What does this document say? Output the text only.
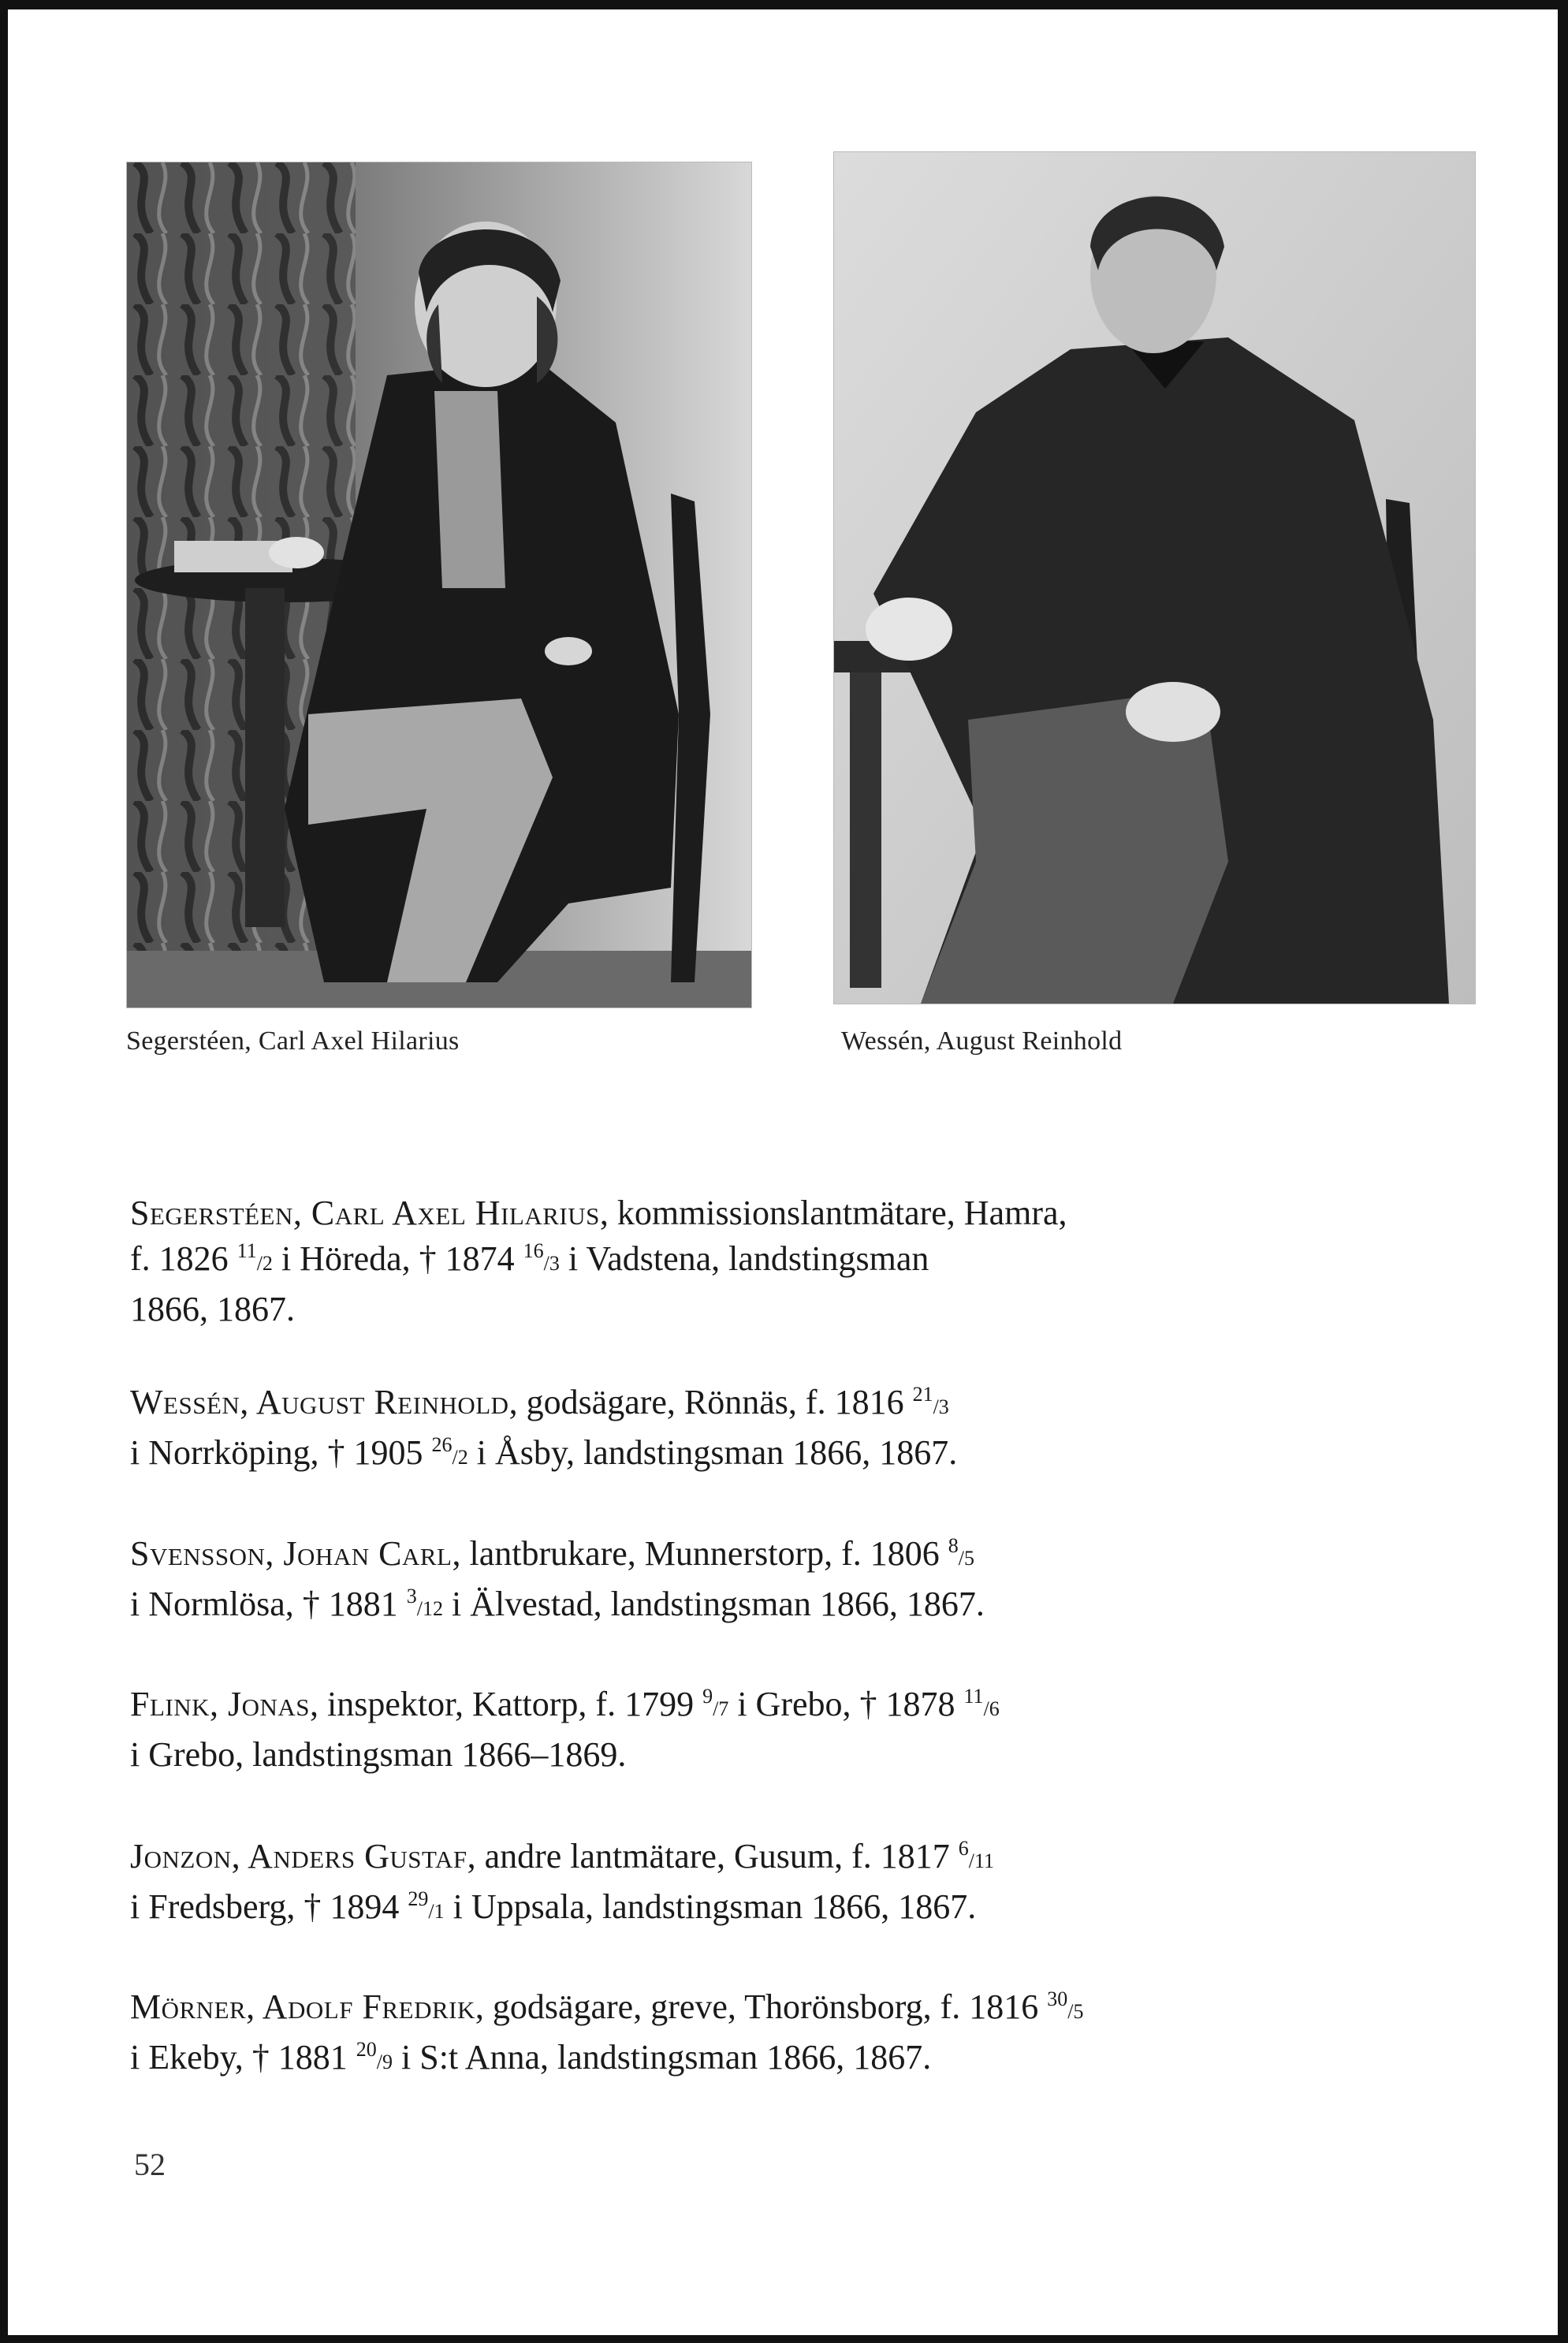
Segerstéen, Carl Axel Hilarius	Wessén, August Reinhold
Segerstéen, Carl Axel Hilarius, kommissionslantmätare, Hamra,
f. 1826 $^{11}$/2 i Höreda, † 1874 $^{16}$/3 i Vadstena, landstingsman
1866, 1867.
Wessén, August Reinhold, godsägare, Rönnäs, f. 1816 $^{21}$/3
i Norrköping, † 1905 $^{26}$/2 i Åsby, landstingsman 1866, 1867.
Svensson, Johan Carl, lantbrukare, Munnerstorp, f. 1806 $^8$/5
i Normlösa, † 1881 $^3$/12 i Älvestad, landstingsman 1866, 1867.
Flink, Jonas, inspektor, Kattorp, f. 1799 $^9$/7 i Grebo, † 1878 $^{11}$/6
i Grebo, landstingsman 1866–1869.
Jonzon, Anders Gustaf, andre lantmätare, Gusum, f. 1817 $^6$/11
i Fredsberg, † 1894 $^{29}$/1 i Uppsala, landstingsman 1866, 1867.
Mörner, Adolf Fredrik, godsägare, greve, Thorönsborg, f. 1816 $^{30}$/5
i Ekeby, † 1881 $^{20}$/9 i S:t Anna, landstingsman 1866, 1867.
52
